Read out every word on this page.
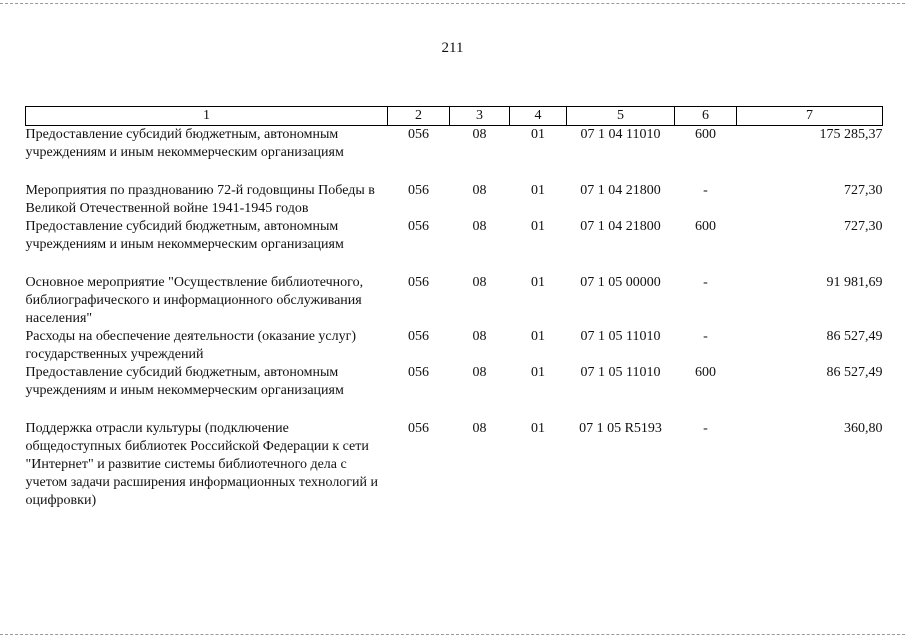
211
1	2	3	4	5	6	7
Предоставление субсидий бюджетным, автономным учреждениям и иным некоммерческим организациям	056	08	01	07 1 04 11010	600	175 285,37

Мероприятия по празднованию 72-й годовщины Победы в Великой Отечественной войне 1941-1945 годов	056	08	01	07 1 04 21800	-	727,30
Предоставление субсидий бюджетным, автономным учреждениям и иным некоммерческим организациям	056	08	01	07 1 04 21800	600	727,30

Основное мероприятие "Осуществление библиотечного, библиографического и информационного обслуживания населения"	056	08	01	07 1 05 00000	-	91 981,69
Расходы на обеспечение деятельности (оказание услуг) государственных учреждений	056	08	01	07 1 05 11010	-	86 527,49
Предоставление субсидий бюджетным, автономным учреждениям и иным некоммерческим организациям	056	08	01	07 1 05 11010	600	86 527,49

Поддержка отрасли культуры (подключение общедоступных библиотек Российской Федерации к сети "Интернет" и развитие системы библиотечного дела с учетом задачи расширения информационных технологий и оцифровки)	056	08	01	07 1 05 R5193	-	360,80
